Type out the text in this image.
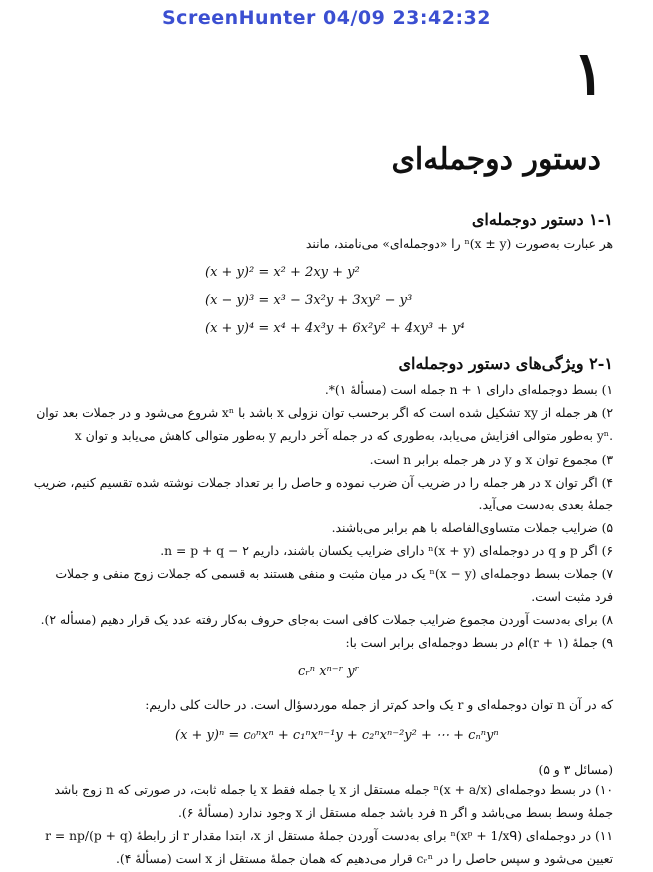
ScreenHunter 04/09 23:42:32
۱
دستور دوجمله‌ای
۱-۱ دستور دوجمله‌ای
هر عبارت به‌صورت ⁿ(x ± y) را «دوجمله‌ای» می‌نامند، مانند
(x + y)² = x² + 2xy + y²
(x − y)³ = x³ − 3x²y + 3xy² − y³
(x + y)⁴ = x⁴ + 4x³y + 6x²y² + 4xy³ + y⁴
۲-۱ ویژگی‌های دستور دوجمله‌ای
۱) بسط دوجمله‌ای دارای ۱ + n جمله است (مسألهٔ ۱)*.
۲) هر جمله از xy تشکیل شده است که اگر برحسب توان نزولی x باشد با xⁿ شروع می‌شود و در جملات بعد توان
x به‌طور متوالی کاهش می‌یابد و توان y به‌طور متوالی افزایش می‌یابد، به‌طوری که در جمله آخر داریم yⁿ.
۳) مجموع توان x و y در هر جمله برابر n است.
۴) اگر توان x در هر جمله را در ضریب آن ضرب نموده و حاصل را بر تعداد جملات نوشته شده تقسیم کنیم، ضریب
جملهٔ بعدی به‌دست می‌آید.
۵) ضرایب جملات متساوی‌الفاصله با هم برابر می‌باشند.
۶) اگر p و q در دوجمله‌ای ⁿ(x + y) دارای ضرایب یکسان باشند، داریم ۲ − n = p + q.
۷) جملات بسط دوجمله‌ای ⁿ(x − y) یک در میان مثبت و منفی هستند به قسمی که جملات زوج منفی و جملات
فرد مثبت است.
۸) برای به‌دست آوردن مجموع ضرایب جملات کافی است به‌جای حروف به‌کار رفته عدد یک قرار دهیم (مسأله ۲).
۹) جملهٔ (۱ + r)ام در بسط دوجمله‌ای برابر است با:
cᵣⁿ xⁿ⁻ʳ yʳ
که در آن n توان دوجمله‌ای و r یک واحد کم‌تر از جمله موردسؤال است. در حالت کلی داریم:
(x + y)ⁿ = c₀ⁿxⁿ + c₁ⁿxⁿ⁻¹y + c₂ⁿxⁿ⁻²y² + ⋯ + cₙⁿyⁿ
(مسائل ۳ و ۵)
۱۰) در بسط دوجمله‌ای ⁿ(x + a/x) جمله مستقل از x یا جمله فقط x یا جمله ثابت، در صورتی که n زوج باشد
جملهٔ وسط بسط می‌باشد و اگر n فرد باشد جمله مستقل از x وجود ندارد (مسألهٔ ۶).
۱۱) در دوجمله‌ای ⁿ(xᵖ + 1/xᑫ) برای به‌دست آوردن جملهٔ مستقل از x، ابتدا مقدار r از رابطهٔ r = np/(p + q)
تعیین می‌شود و سپس حاصل را در cᵣⁿ قرار می‌دهیم که همان جملهٔ مستقل از x است (مسألهٔ ۴).
